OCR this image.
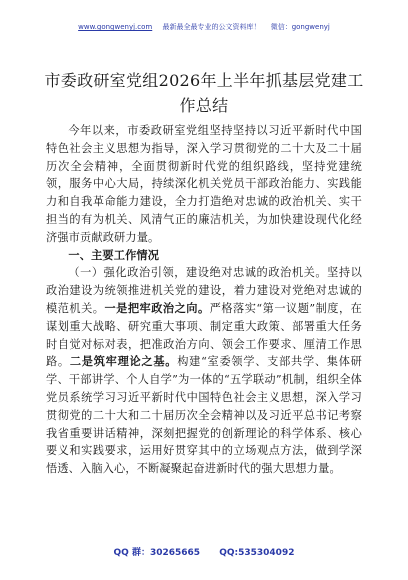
www.gongwenyj.com 最新最全最专业的公文资料库！ 微信：gongwenyj
市委政研室党组2026年上半年抓基层党建工
作总结

今年以来，市委政研室党组坚持坚持以习近平新时代中国特色社会主义思想为指导，深入学习贯彻党的二十大及二十届历次全会精神，全面贯彻新时代党的组织路线，坚持党建统领，服务中心大局，持续深化机关党员干部政治能力、实践能力和自我革命能力建设，全力打造绝对忠诚的政治机关、实干担当的有为机关、风清气正的廉洁机关，为加快建设现代化经济强市贡献政研力量。

一、主要工作情况

（一）强化政治引领，建设绝对忠诚的政治机关。坚持以政治建设为统领推进机关党的建设，着力建设对党绝对忠诚的模范机关。一是把牢政治之向。严格落实“第一议题”制度，在谋划重大战略、研究重大事项、制定重大政策、部署重大任务时自觉对标对表，把准政治方向、领会工作要求、厘清工作思路。二是筑牢理论之基。构建“室委领学、支部共学、集体研学、干部讲学、个人自学”为一体的“五学联动”机制，组织全体党员系统学习习近平新时代中国特色社会主义思想，深入学习贯彻党的二十大和二十届历次全会精神以及习近平总书记考察我省重要讲话精神，深刻把握党的创新理论的科学体系、核心要义和实践要求，运用好贯穿其中的立场观点方法，做到学深悟透、入脑入心，不断凝聚起奋进新时代的强大思想力量。

QQ 群：30265665 QQ:535304092
